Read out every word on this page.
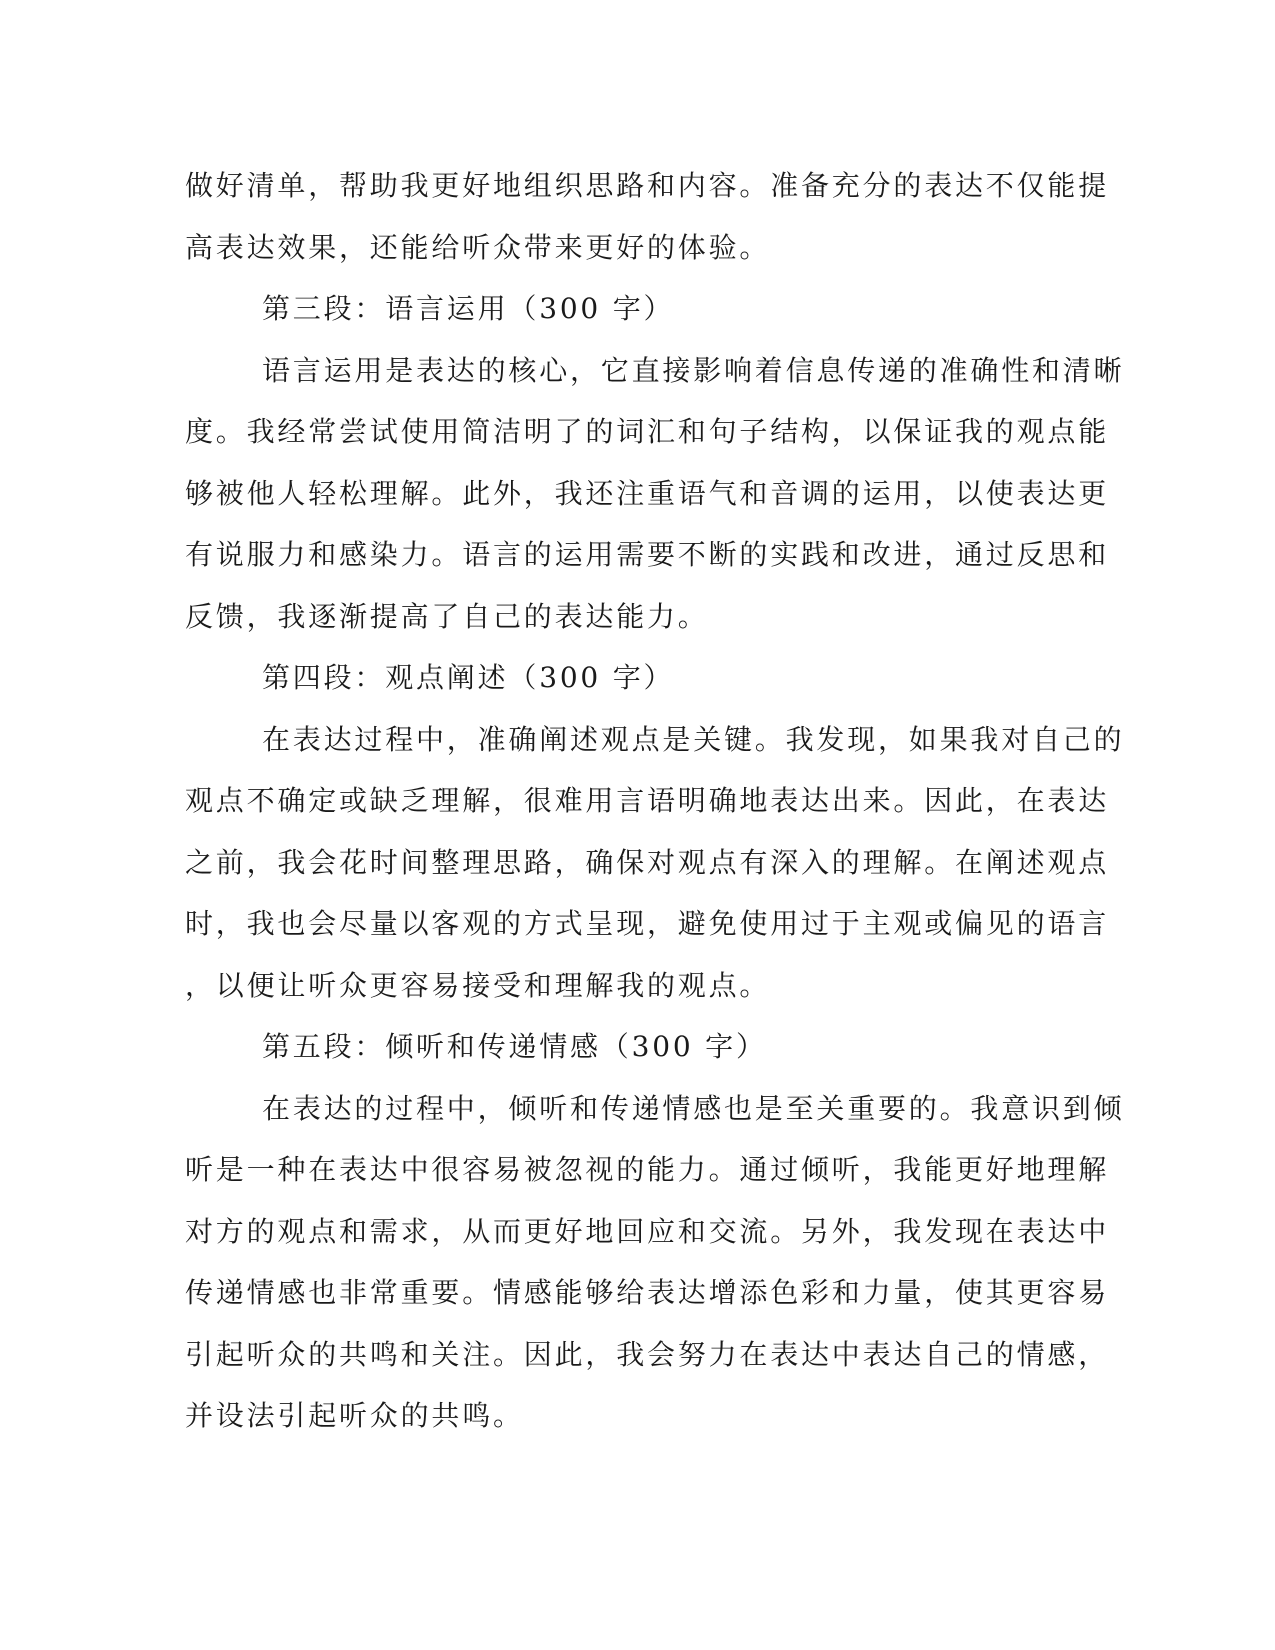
做好清单，帮助我更好地组织思路和内容。准备充分的表达不仅能提
高表达效果，还能给听众带来更好的体验。
第三段：语言运用（300 字）
语言运用是表达的核心，它直接影响着信息传递的准确性和清晰
度。我经常尝试使用简洁明了的词汇和句子结构，以保证我的观点能
够被他人轻松理解。此外，我还注重语气和音调的运用，以使表达更
有说服力和感染力。语言的运用需要不断的实践和改进，通过反思和
反馈，我逐渐提高了自己的表达能力。
第四段：观点阐述（300 字）
在表达过程中，准确阐述观点是关键。我发现，如果我对自己的
观点不确定或缺乏理解，很难用言语明确地表达出来。因此，在表达
之前，我会花时间整理思路，确保对观点有深入的理解。在阐述观点
时，我也会尽量以客观的方式呈现，避免使用过于主观或偏见的语言
，以便让听众更容易接受和理解我的观点。
第五段：倾听和传递情感（300 字）
在表达的过程中，倾听和传递情感也是至关重要的。我意识到倾
听是一种在表达中很容易被忽视的能力。通过倾听，我能更好地理解
对方的观点和需求，从而更好地回应和交流。另外，我发现在表达中
传递情感也非常重要。情感能够给表达增添色彩和力量，使其更容易
引起听众的共鸣和关注。因此，我会努力在表达中表达自己的情感，
并设法引起听众的共鸣。
